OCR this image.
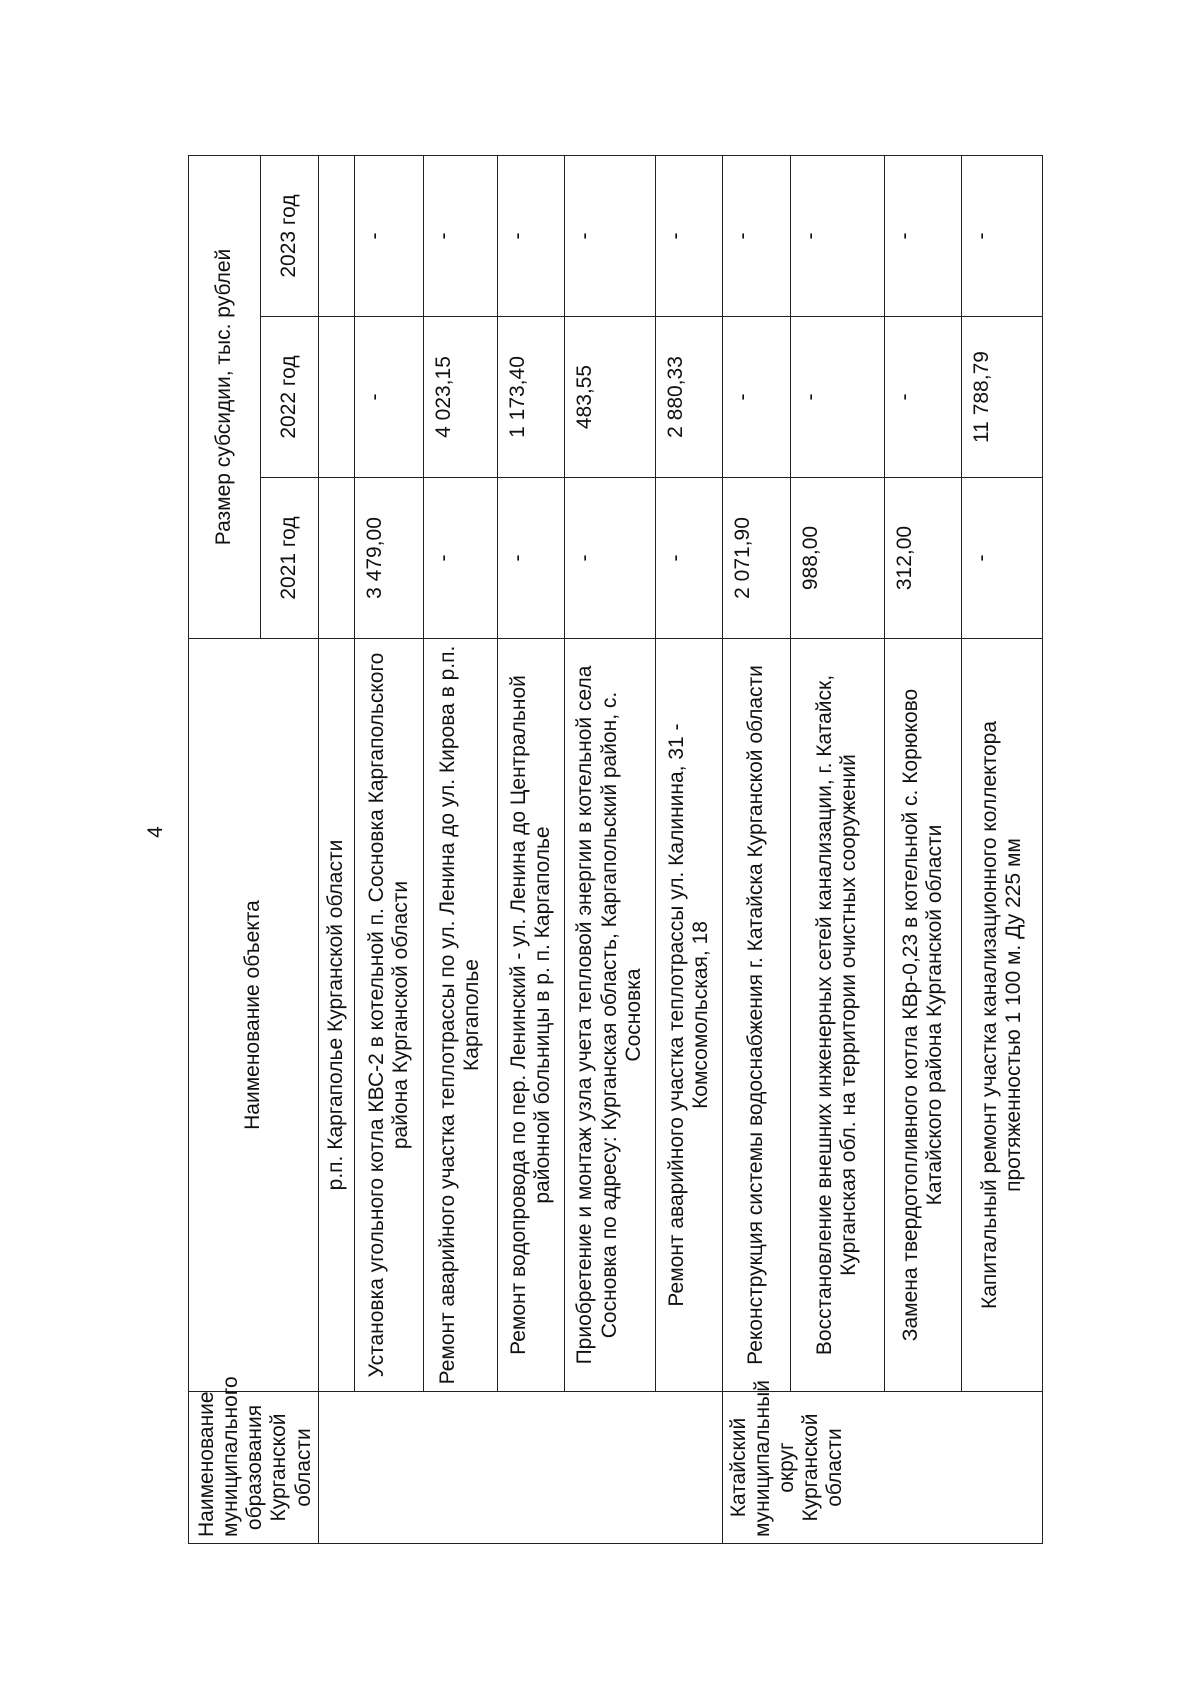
4
Наименование муниципального образования Курганской области	Наименование объекта	Размер субсидии, тыс. рублей		
		2021 год	2022 год	2023 год
	р.п. Каргаполье Курганской области			
	Установка угольного котла КВС-2 в котельной п. Сосновка Каргапольского района Курганской области	3 479,00	-	-
	Ремонт аварийного участка теплотрассы по ул. Ленина до ул. Кирова в р.п. Каргаполье	-	4 023,15	-
	Ремонт водопровода по пер. Ленинский - ул. Ленина до Центральной районной больницы в р. п. Каргаполье	-	1 173,40	-
	Приобретение и монтаж узла учета тепловой энергии в котельной села Сосновка по адресу: Курганская область, Каргапольский район, с. Сосновка	-	483,55	-
	Ремонт аварийного участка теплотрассы ул. Калинина, 31 - Комсомольская, 18	-	2 880,33	-
Катайский муниципальный округ Курганской области	Реконструкция системы водоснабжения г. Катайска Курганской области	2 071,90	-	-
	Восстановление внешних инженерных сетей канализации, г. Катайск, Курганская обл. на территории очистных сооружений	988,00	-	-
	Замена твердотопливного котла КВр-0,23 в котельной с. Корюково Катайского района Курганской области	312,00	-	-
	Капитальный ремонт участка канализационного коллектора протяженностью 1 100 м. Ду 225 мм	-	11 788,79	-
